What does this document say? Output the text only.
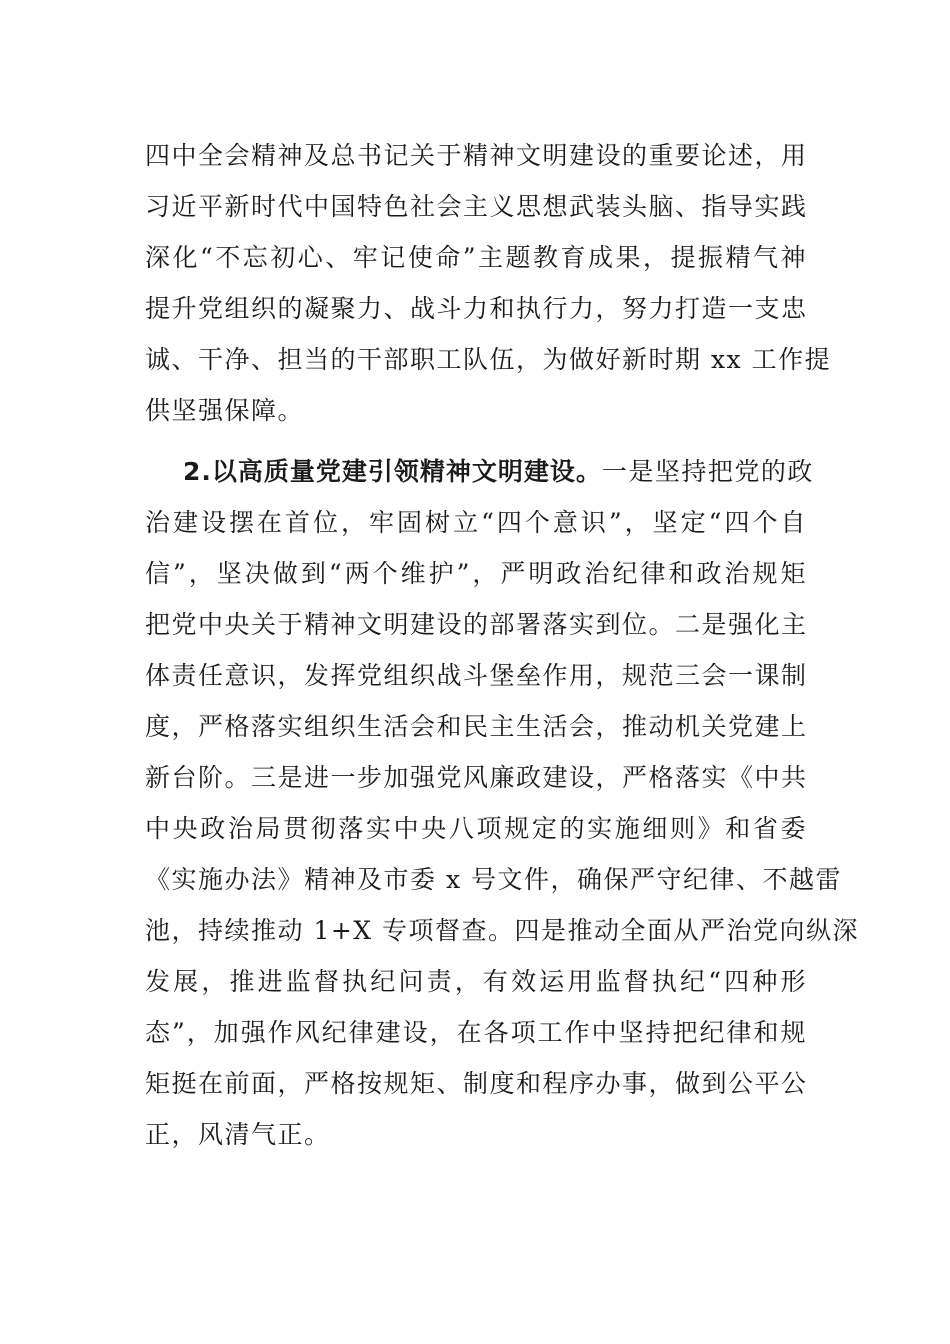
四中全会精神及总书记关于精神文明建设的重要论述，用
习近平新时代中国特色社会主义思想武装头脑、指导实践
深化“不忘初心、牢记使命”主题教育成果，提振精气神
提升党组织的凝聚力、战斗力和执行力，努力打造一支忠
诚、干净、担当的干部职工队伍，为做好新时期 xx 工作提
供坚强保障。
2.以高质量党建引领精神文明建设。一是坚持把党的政
治建设摆在首位，牢固树立“四个意识”，坚定“四个自
信”，坚决做到“两个维护”，严明政治纪律和政治规矩
把党中央关于精神文明建设的部署落实到位。二是强化主
体责任意识，发挥党组织战斗堡垒作用，规范三会一课制
度，严格落实组织生活会和民主生活会，推动机关党建上
新台阶。三是进一步加强党风廉政建设，严格落实《中共
中央政治局贯彻落实中央八项规定的实施细则》和省委
《实施办法》精神及市委 x 号文件，确保严守纪律、不越雷
池，持续推动 1+X 专项督查。四是推动全面从严治党向纵深
发展，推进监督执纪问责，有效运用监督执纪“四种形
态”，加强作风纪律建设，在各项工作中坚持把纪律和规
矩挺在前面，严格按规矩、制度和程序办事，做到公平公
正，风清气正。
